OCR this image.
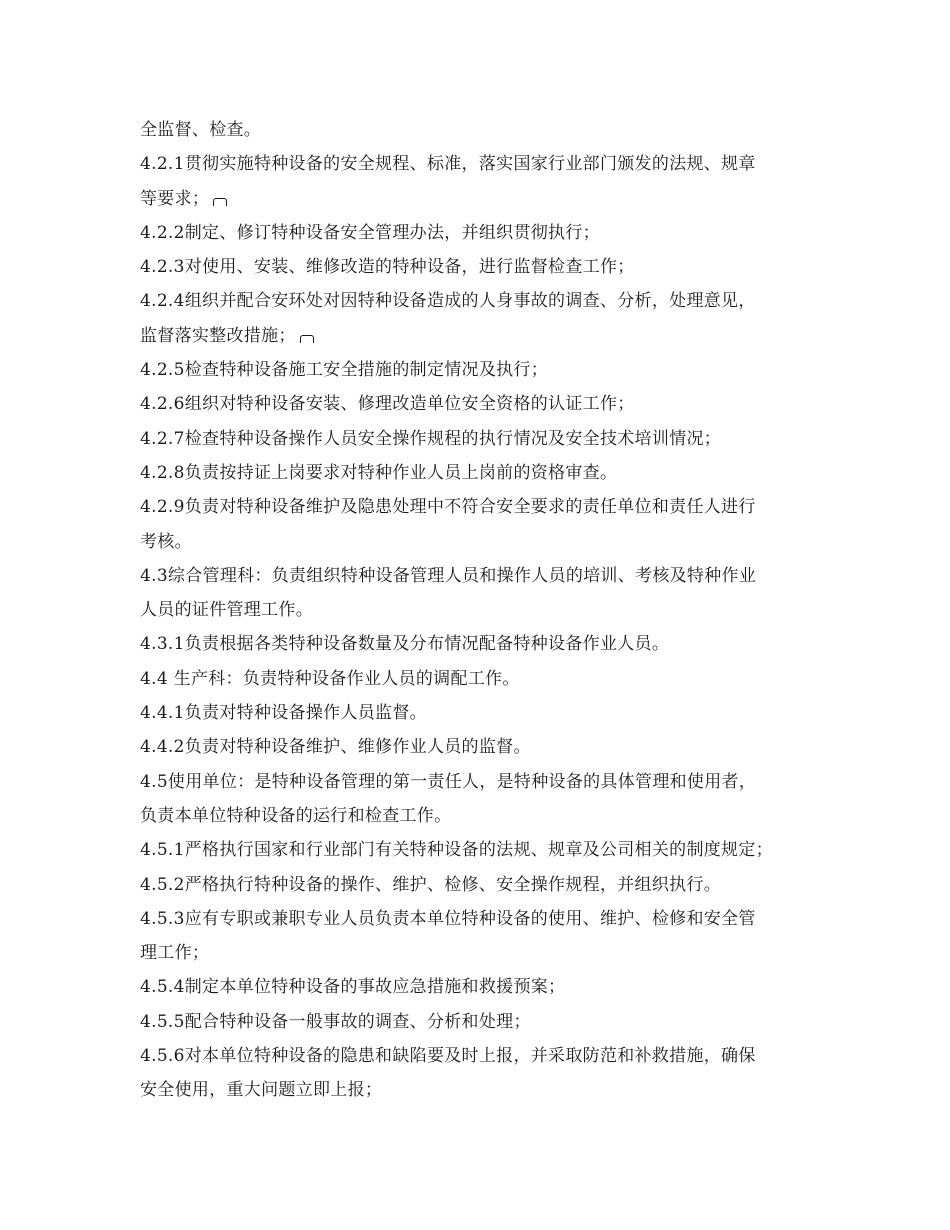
全监督、检查。
4.2.1贯彻实施特种设备的安全规程、标准，落实国家行业部门颁发的法规、规章
等要求；
4.2.2制定、修订特种设备安全管理办法，并组织贯彻执行；
4.2.3对使用、安装、维修改造的特种设备，进行监督检查工作；
4.2.4组织并配合安环处对因特种设备造成的人身事故的调查、分析，处理意见，
监督落实整改措施；
4.2.5检查特种设备施工安全措施的制定情况及执行；
4.2.6组织对特种设备安装、修理改造单位安全资格的认证工作；
4.2.7检查特种设备操作人员安全操作规程的执行情况及安全技术培训情况；
4.2.8负责按持证上岗要求对特种作业人员上岗前的资格审查。
4.2.9负责对特种设备维护及隐患处理中不符合安全要求的责任单位和责任人进行
考核。
4.3综合管理科：负责组织特种设备管理人员和操作人员的培训、考核及特种作业
人员的证件管理工作。
4.3.1负责根据各类特种设备数量及分布情况配备特种设备作业人员。
4.4 生产科：负责特种设备作业人员的调配工作。
4.4.1负责对特种设备操作人员监督。
4.4.2负责对特种设备维护、维修作业人员的监督。
4.5使用单位：是特种设备管理的第一责任人，是特种设备的具体管理和使用者，
负责本单位特种设备的运行和检查工作。
4.5.1严格执行国家和行业部门有关特种设备的法规、规章及公司相关的制度规定；
4.5.2严格执行特种设备的操作、维护、检修、安全操作规程，并组织执行。
4.5.3应有专职或兼职专业人员负责本单位特种设备的使用、维护、检修和安全管
理工作；
4.5.4制定本单位特种设备的事故应急措施和救援预案；
4.5.5配合特种设备一般事故的调查、分析和处理；
4.5.6对本单位特种设备的隐患和缺陷要及时上报，并采取防范和补救措施，确保
安全使用，重大问题立即上报；
